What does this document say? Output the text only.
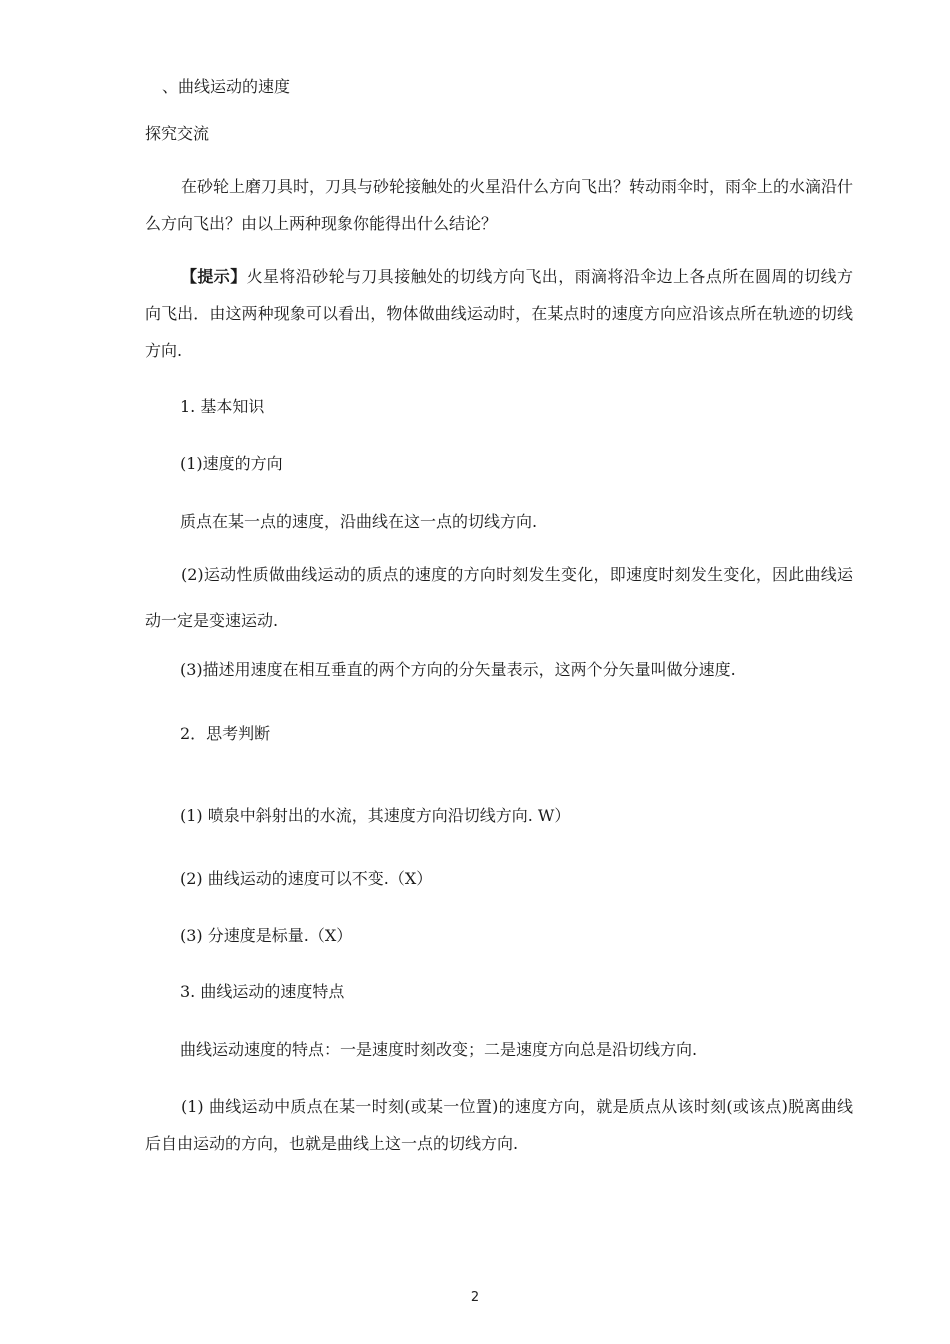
、曲线运动的速度

探究交流

在砂轮上磨刀具时，刀具与砂轮接触处的火星沿什么方向飞出？转动雨伞时，雨伞上的水滴沿什么方向飞出？由以上两种现象你能得出什么结论？

【提示】火星将沿砂轮与刀具接触处的切线方向飞出，雨滴将沿伞边上各点所在圆周的切线方向飞出．由这两种现象可以看出，物体做曲线运动时，在某点时的速度方向应沿该点所在轨迹的切线方向.

1. 基本知识

(1)速度的方向

质点在某一点的速度，沿曲线在这一点的切线方向.

(2)运动性质做曲线运动的质点的速度的方向时刻发生变化，即速度时刻发生变化，因此曲线运动一定是变速运动.

(3)描述用速度在相互垂直的两个方向的分矢量表示，这两个分矢量叫做分速度.

2．思考判断

(1) 喷泉中斜射出的水流，其速度方向沿切线方向. W）

(2) 曲线运动的速度可以不变.（X）

(3) 分速度是标量.（X）

3. 曲线运动的速度特点

曲线运动速度的特点：一是速度时刻改变；二是速度方向总是沿切线方向.

(1) 曲线运动中质点在某一时刻(或某一位置)的速度方向，就是质点从该时刻(或该点)脱离曲线后自由运动的方向，也就是曲线上这一点的切线方向.

2
